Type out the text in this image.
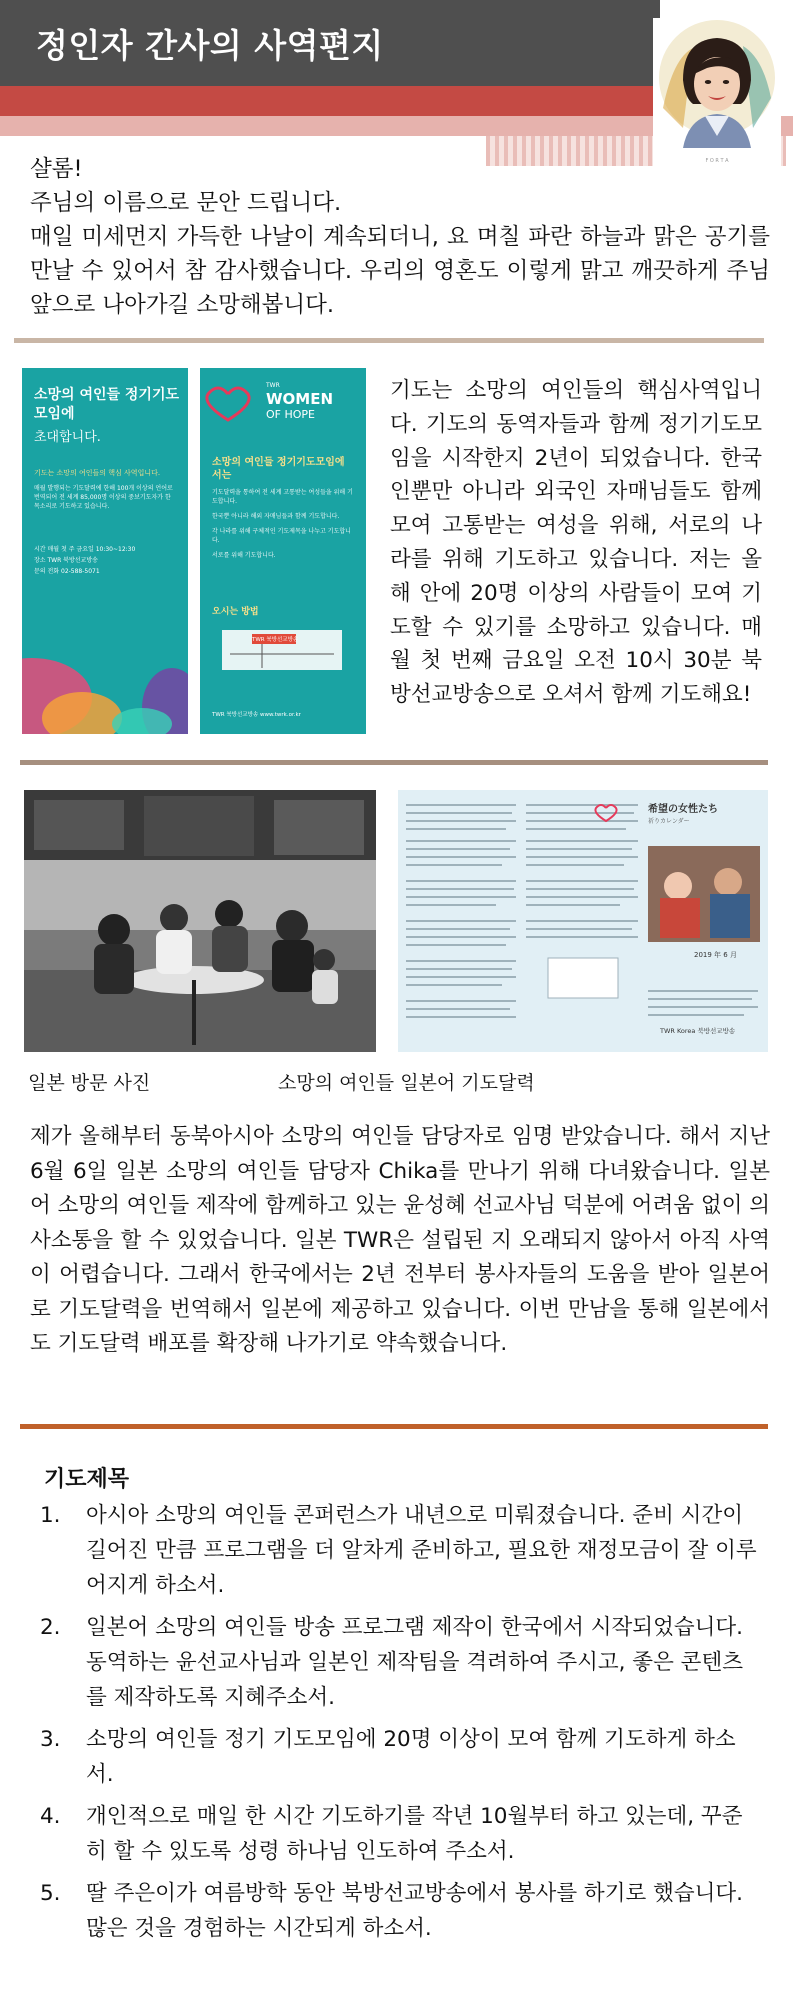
정인자 간사의 사역편지
F O R T A
샬롬!
주님의 이름으로 문안 드립니다.
매일 미세먼지 가득한 나날이 계속되더니, 요 며칠 파란 하늘과 맑은 공기를 만날 수 있어서 참 감사했습니다. 우리의 영혼도 이렇게 맑고 깨끗하게 주님 앞으로 나아가길 소망해봅니다.
소망의 여인들 정기기도모임에
초대합니다.
기도는 소망의 여인들의 핵심 사역입니다.
매월 발행되는 기도달력에 한해 100개 이상의 언어로 번역되어 전 세계 85,000명 이상의 중보기도자가 한 목소리로 기도하고 있습니다.
시간 매월 첫 주 금요일 10:30~12:30
장소 TWR 북방선교방송
문의 전화 02-588-5071
TWR
WOMEN
OF HOPE
소망의 여인들 정기기도모임에서는
기도달력을 통하여 전 세계 고통받는 여성들을 위해 기도합니다.
한국뿐 아니라 해외 자매님들과 함께 기도합니다.
각 나라를 위해 구체적인 기도제목을 나누고 기도합니다.
서로를 위해 기도합니다.
오시는 방법
TWR 북방선교방송
TWR 북방선교방송 www.twrk.or.kr
기도는 소망의 여인들의 핵심사역입니다. 기도의 동역자들과 함께 정기기도모임을 시작한지 2년이 되었습니다. 한국인뿐만 아니라 외국인 자매님들도 함께 모여 고통받는 여성을 위해, 서로의 나라를 위해 기도하고 있습니다. 저는 올 해 안에 20명 이상의 사람들이 모여 기도할 수 있기를 소망하고 있습니다. 매월 첫 번째 금요일 오전 10시 30분 북방선교방송으로 오셔서 함께 기도해요!
希望の女性たち
祈りカレンダー
2019 年 6 月
TWR Korea 북방선교방송
일본 방문 사진	소망의 여인들 일본어 기도달력
제가 올해부터 동북아시아 소망의 여인들 담당자로 임명 받았습니다. 해서 지난 6월 6일 일본 소망의 여인들 담당자 Chika를 만나기 위해 다녀왔습니다. 일본어 소망의 여인들 제작에 함께하고 있는 윤성혜 선교사님 덕분에 어려움 없이 의사소통을 할 수 있었습니다. 일본 TWR은 설립된 지 오래되지 않아서 아직 사역이 어렵습니다. 그래서 한국에서는 2년 전부터 봉사자들의 도움을 받아 일본어로 기도달력을 번역해서 일본에 제공하고 있습니다. 이번 만남을 통해 일본에서도 기도달력 배포를 확장해 나가기로 약속했습니다.
기도제목
1.	아시아 소망의 여인들 콘퍼런스가 내년으로 미뤄졌습니다. 준비 시간이 길어진 만큼 프로그램을 더 알차게 준비하고, 필요한 재정모금이 잘 이루어지게 하소서.
2.	일본어 소망의 여인들 방송 프로그램 제작이 한국에서 시작되었습니다. 동역하는 윤선교사님과 일본인 제작팀을 격려하여 주시고, 좋은 콘텐츠를 제작하도록 지혜주소서.
3.	소망의 여인들 정기 기도모임에 20명 이상이 모여 함께 기도하게 하소서.
4.	개인적으로 매일 한 시간 기도하기를 작년 10월부터 하고 있는데, 꾸준히 할 수 있도록 성령 하나님 인도하여 주소서.
5.	딸 주은이가 여름방학 동안 북방선교방송에서 봉사를 하기로 했습니다. 많은 것을 경험하는 시간되게 하소서.
